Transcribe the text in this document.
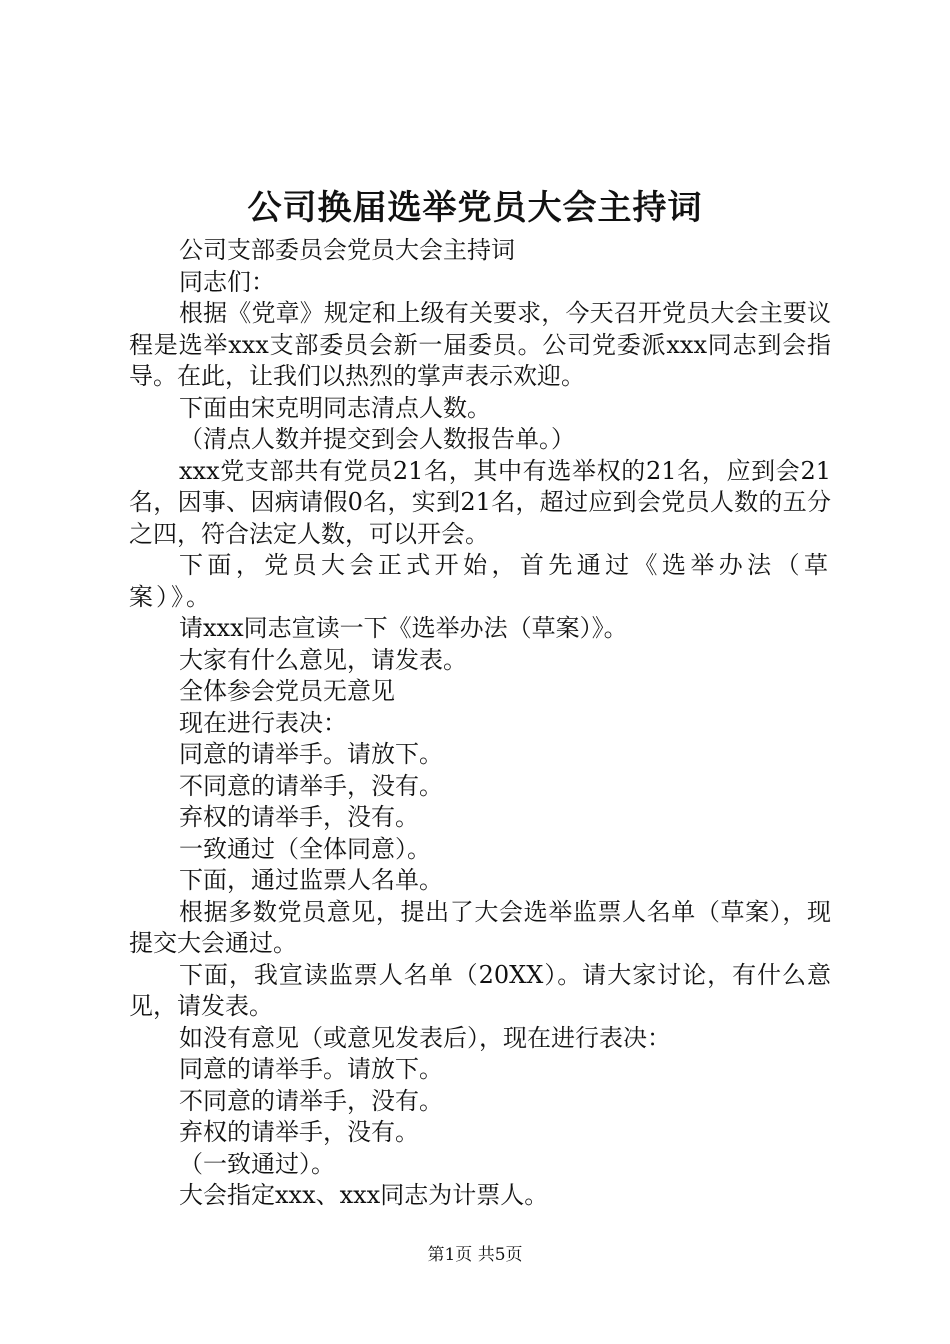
公司换届选举党员大会主持词

公司支部委员会党员大会主持词

同志们：

根据《党章》规定和上级有关要求，今天召开党员大会主要议程是选举xxx支部委员会新一届委员。公司党委派xxx同志到会指导。在此，让我们以热烈的掌声表示欢迎。

下面由宋克明同志清点人数。

（清点人数并提交到会人数报告单。）

xxx党支部共有党员21名，其中有选举权的21名，应到会21名，因事、因病请假0名，实到21名，超过应到会党员人数的五分之四，符合法定人数，可以开会。

下面，党员大会正式开始，首先通过《选举办法（草案）》。

请xxx同志宣读一下《选举办法（草案）》。

大家有什么意见，请发表。

全体参会党员无意见

现在进行表决：

同意的请举手。请放下。

不同意的请举手，没有。

弃权的请举手，没有。

一致通过（全体同意）。

下面，通过监票人名单。

根据多数党员意见，提出了大会选举监票人名单（草案），现提交大会通过。

下面，我宣读监票人名单（20XX）。请大家讨论，有什么意见，请发表。

如没有意见（或意见发表后），现在进行表决：

同意的请举手。请放下。

不同意的请举手，没有。

弃权的请举手，没有。

（一致通过）。

大会指定xxx、xxx同志为计票人。

第1页 共5页
